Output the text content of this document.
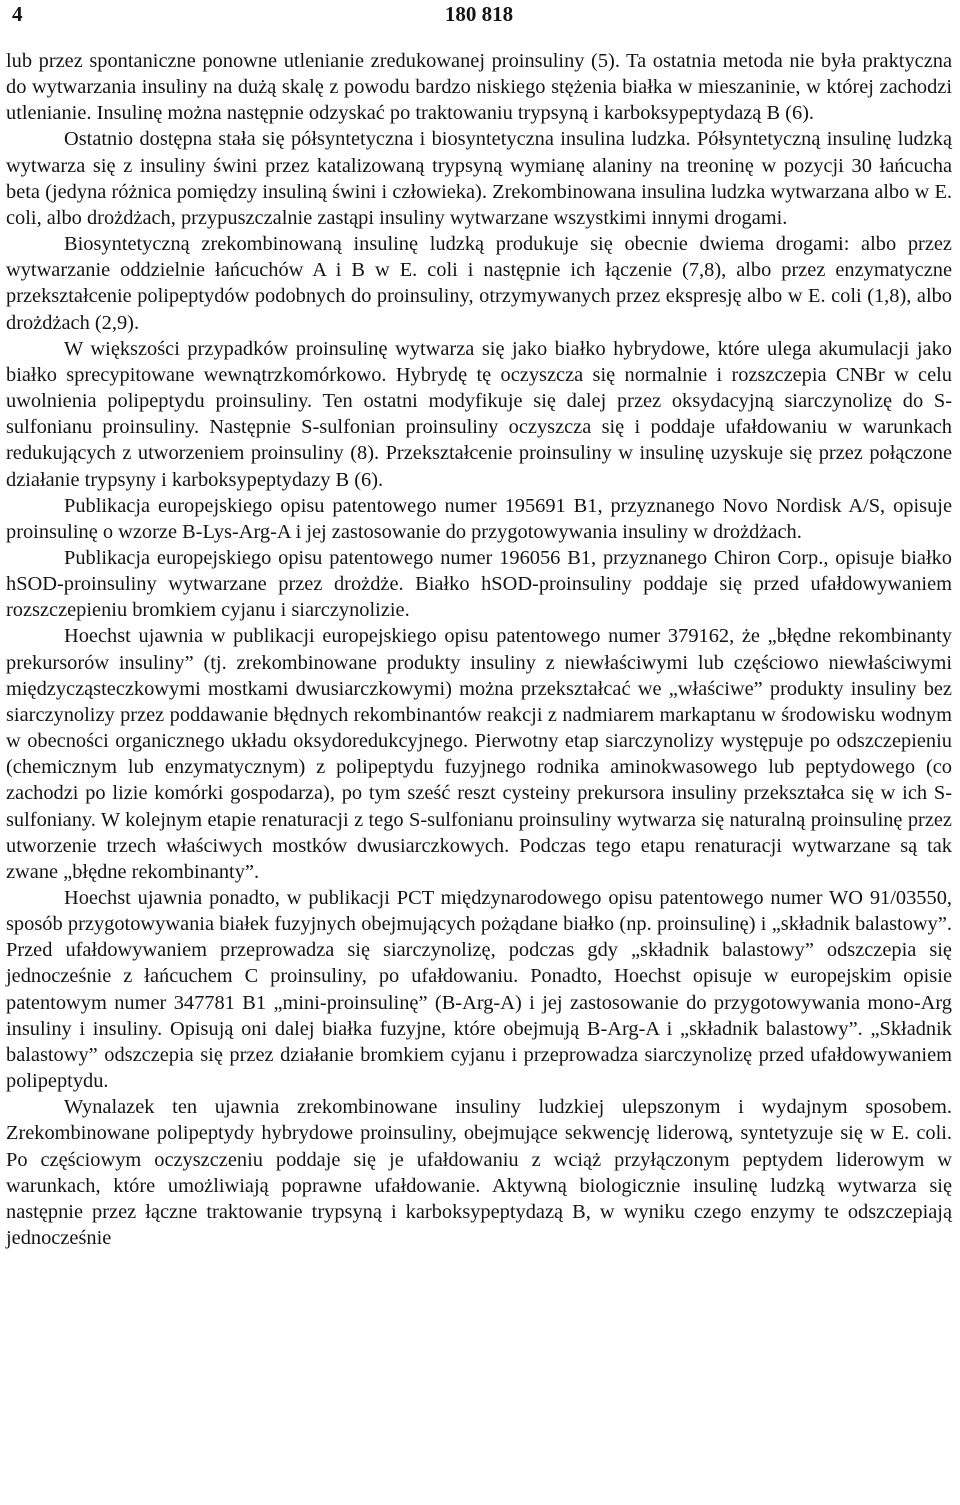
4	180 818

lub przez spontaniczne ponowne utlenianie zredukowanej proinsuliny (5). Ta ostatnia metoda nie była praktyczna do wytwarzania insuliny na dużą skalę z powodu bardzo niskiego stężenia białka w mieszaninie, w której zachodzi utlenianie. Insulinę można następnie odzyskać po traktowaniu trypsyną i karboksypeptydazą B (6).

Ostatnio dostępna stała się półsyntetyczna i biosyntetyczna insulina ludzka. Półsyntetyczną insulinę ludzką wytwarza się z insuliny świni przez katalizowaną trypsyną wymianę alaniny na treoninę w pozycji 30 łańcucha beta (jedyna różnica pomiędzy insuliną świni i człowieka). Zrekombinowana insulina ludzka wytwarzana albo w E. coli, albo drożdżach, przypuszczalnie zastąpi insuliny wytwarzane wszystkimi innymi drogami.

Biosyntetyczną zrekombinowaną insulinę ludzką produkuje się obecnie dwiema drogami: albo przez wytwarzanie oddzielnie łańcuchów A i B w E. coli i następnie ich łączenie (7,8), albo przez enzymatyczne przekształcenie polipeptydów podobnych do proinsuliny, otrzymywanych przez ekspresję albo w E. coli (1,8), albo drożdżach (2,9).

W większości przypadków proinsulinę wytwarza się jako białko hybrydowe, które ulega akumulacji jako białko sprecypitowane wewnątrzkomórkowo. Hybrydę tę oczyszcza się normalnie i rozszczepia CNBr w celu uwolnienia polipeptydu proinsuliny. Ten ostatni modyfikuje się dalej przez oksydacyjną siarczynolizę do S-sulfonianu proinsuliny. Następnie S-sulfonian proinsuliny oczyszcza się i poddaje ufałdowaniu w warunkach redukujących z utworzeniem proinsuliny (8). Przekształcenie proinsuliny w insulinę uzyskuje się przez połączone działanie trypsyny i karboksypeptydazy B (6).

Publikacja europejskiego opisu patentowego numer 195691 B1, przyznanego Novo Nordisk A/S, opisuje proinsulinę o wzorze B-Lys-Arg-A i jej zastosowanie do przygotowywania insuliny w drożdżach.

Publikacja europejskiego opisu patentowego numer 196056 B1, przyznanego Chiron Corp., opisuje białko hSOD-proinsuliny wytwarzane przez drożdże. Białko hSOD-proinsuliny poddaje się przed ufałdowywaniem rozszczepieniu bromkiem cyjanu i siarczynolizie.

Hoechst ujawnia w publikacji europejskiego opisu patentowego numer 379162, że „błędne rekombinanty prekursorów insuliny” (tj. zrekombinowane produkty insuliny z niewłaściwymi lub częściowo niewłaściwymi międzycząsteczkowymi mostkami dwusiarczkowymi) można przekształcać we „właściwe” produkty insuliny bez siarczynolizy przez poddawanie błędnych rekombinantów reakcji z nadmiarem markaptanu w środowisku wodnym w obecności organicznego układu oksydoredukcyjnego. Pierwotny etap siarczynolizy występuje po odszczepieniu (chemicznym lub enzymatycznym) z polipeptydu fuzyjnego rodnika aminokwasowego lub peptydowego (co zachodzi po lizie komórki gospodarza), po tym sześć reszt cysteiny prekursora insuliny przekształca się w ich S-sulfoniany. W kolejnym etapie renaturacji z tego S-sulfonianu proinsuliny wytwarza się naturalną proinsulinę przez utworzenie trzech właściwych mostków dwusiarczkowych. Podczas tego etapu renaturacji wytwarzane są tak zwane „błędne rekombinanty”.

Hoechst ujawnia ponadto, w publikacji PCT międzynarodowego opisu patentowego numer WO 91/03550, sposób przygotowywania białek fuzyjnych obejmujących pożądane białko (np. proinsulinę) i „składnik balastowy”. Przed ufałdowywaniem przeprowadza się siarczynolizę, podczas gdy „składnik balastowy” odszczepia się jednocześnie z łańcuchem C proinsuliny, po ufałdowaniu. Ponadto, Hoechst opisuje w europejskim opisie patentowym numer 347781 B1 „mini-proinsulinę” (B-Arg-A) i jej zastosowanie do przygotowywania mono-Arg insuliny i insuliny. Opisują oni dalej białka fuzyjne, które obejmują B-Arg-A i „składnik balastowy”. „Składnik balastowy” odszczepia się przez działanie bromkiem cyjanu i przeprowadza siarczynolizę przed ufałdowywaniem polipeptydu.

Wynalazek ten ujawnia zrekombinowane insuliny ludzkiej ulepszonym i wydajnym sposobem. Zrekombinowane polipeptydy hybrydowe proinsuliny, obejmujące sekwencję liderową, syntetyzuje się w E. coli. Po częściowym oczyszczeniu poddaje się je ufałdowaniu z wciąż przyłączonym peptydem liderowym w warunkach, które umożliwiają poprawne ufałdowanie. Aktywną biologicznie insulinę ludzką wytwarza się następnie przez łączne traktowanie trypsyną i karboksypeptydazą B, w wyniku czego enzymy te odszczepiają jednocześnie
